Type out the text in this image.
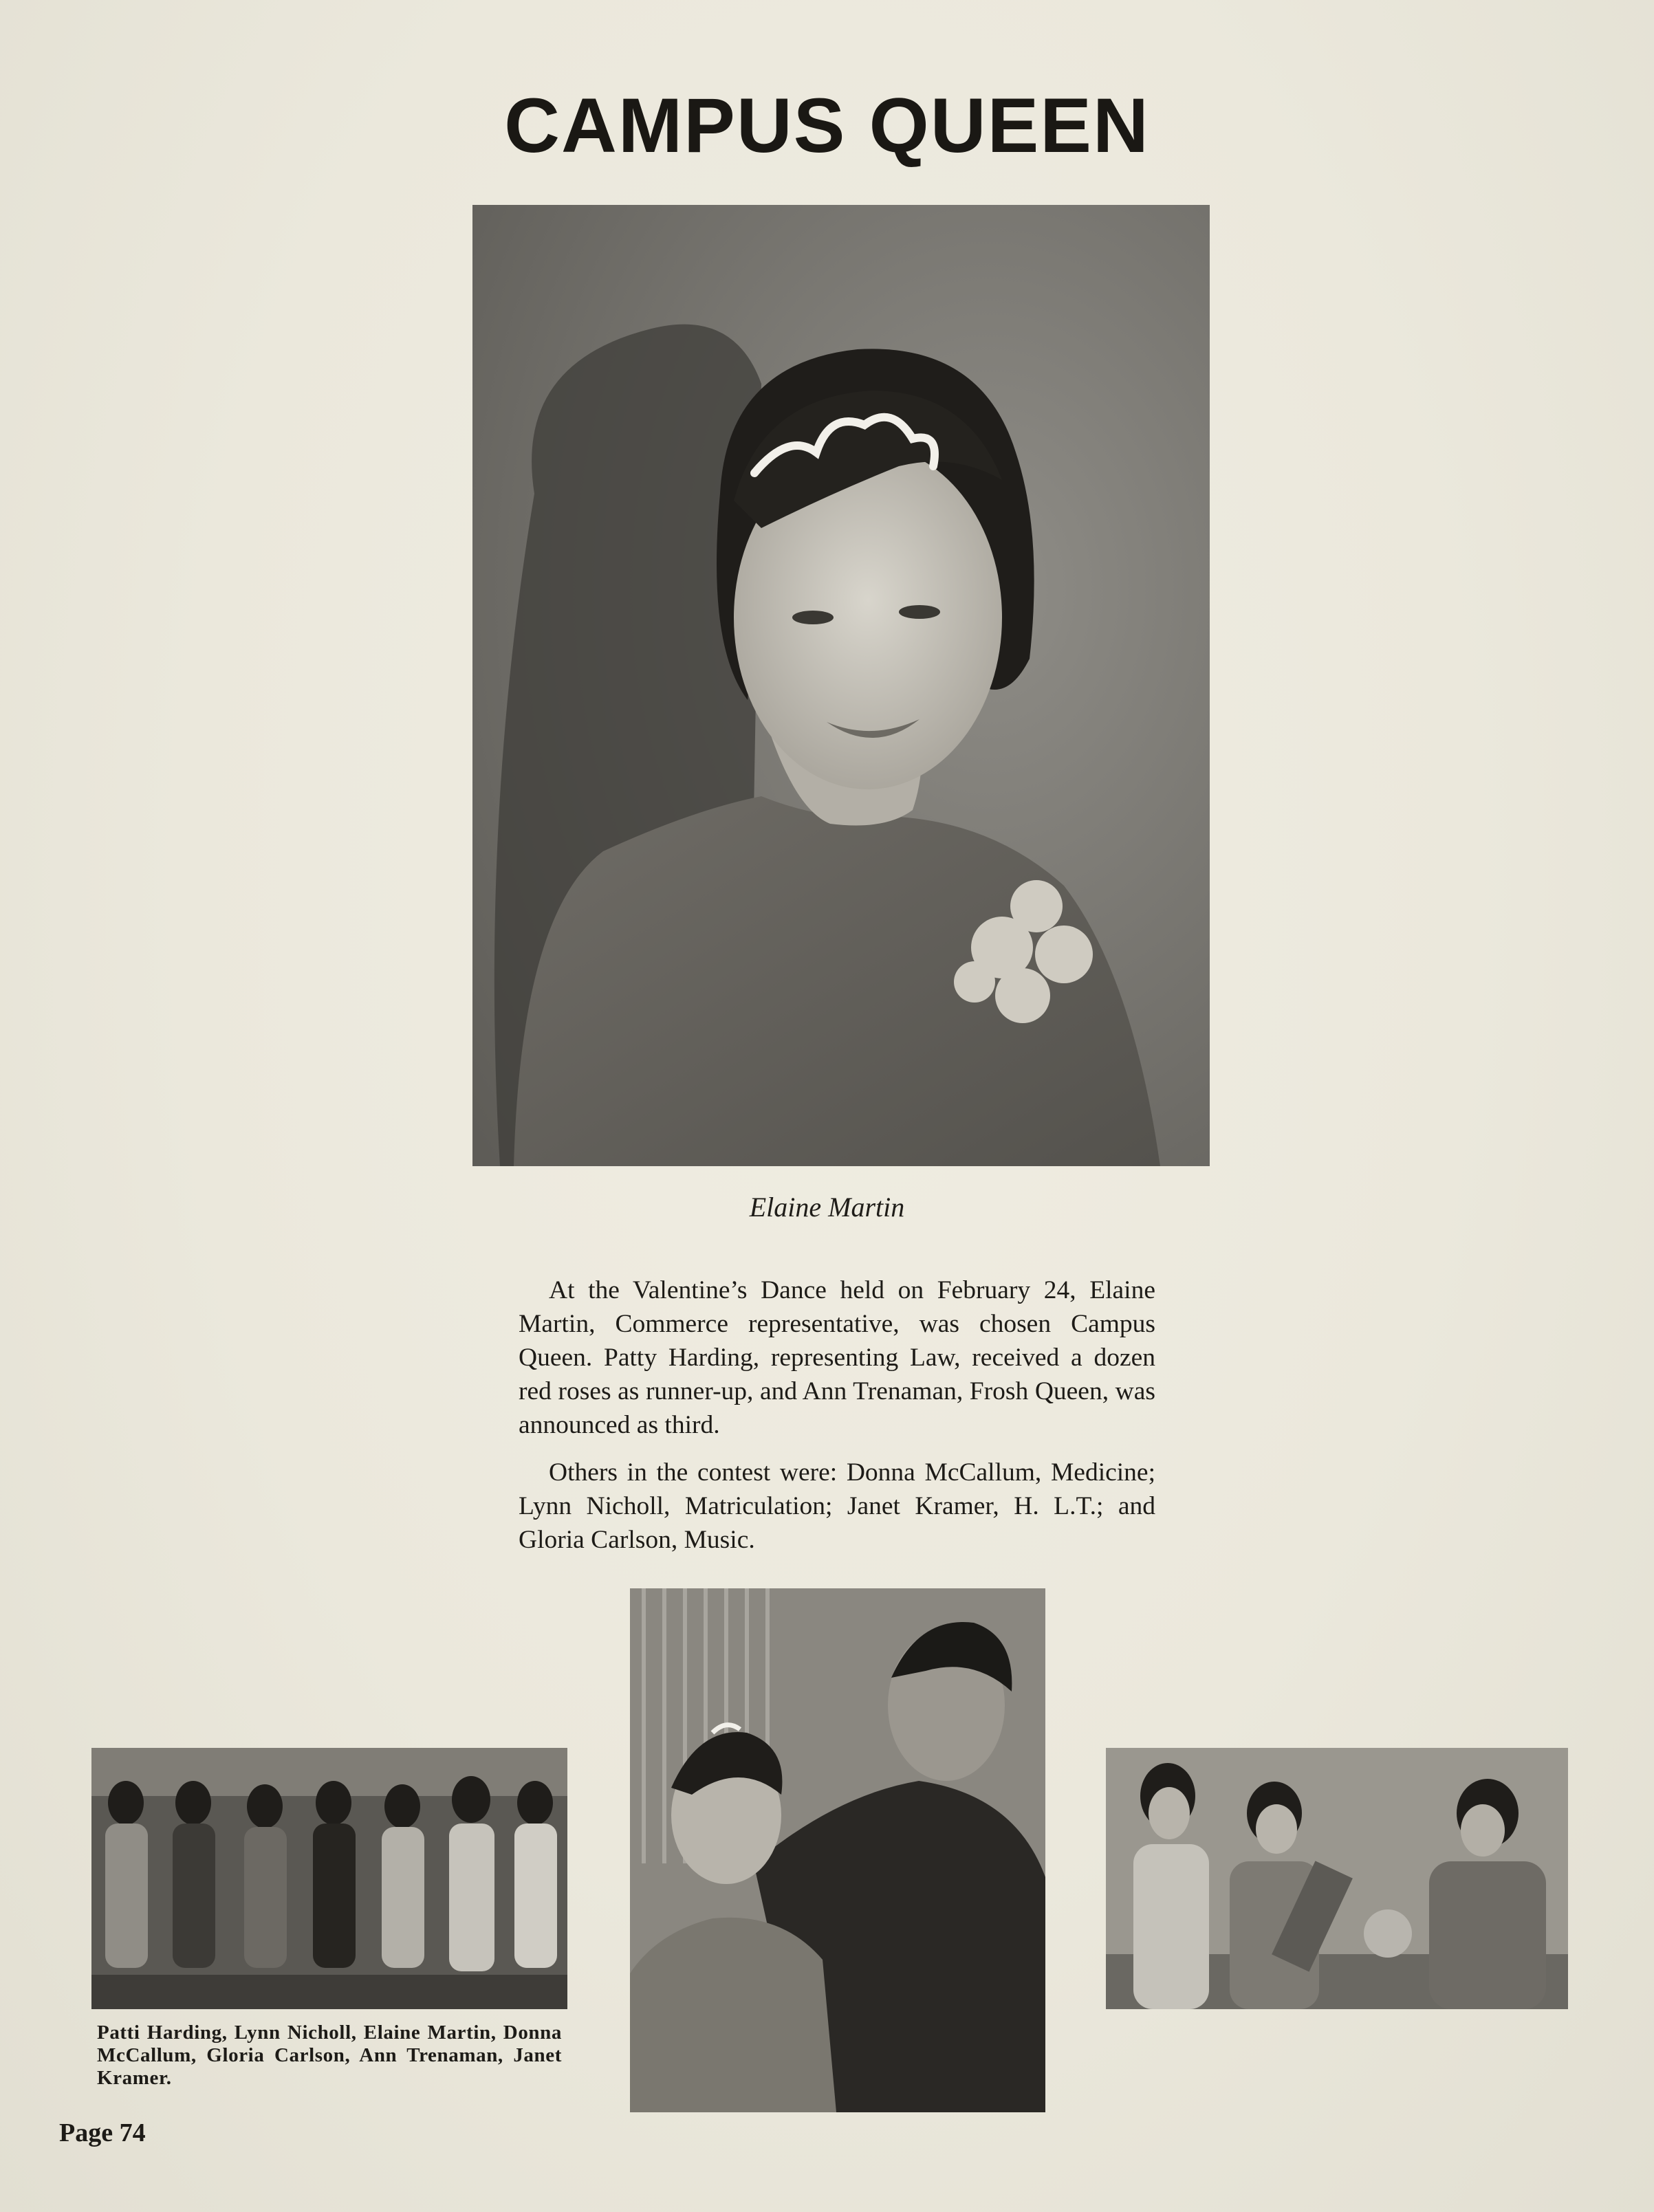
CAMPUS QUEEN
Elaine Martin

At the Valentine’s Dance held on February 24, Elaine Martin, Commerce representative, was chosen Campus Queen. Patty Harding, representing Law, received a dozen red roses as runner-up, and Ann Trenaman, Frosh Queen, was announced as third.

Others in the contest were: Donna McCallum, Medicine; Lynn Nicholl, Matriculation; Janet Kramer, H. L.T.; and Gloria Carlson, Music.

Patti Harding, Lynn Nicholl, Elaine Martin, Donna McCallum, Gloria Carlson, Ann Trenaman, Janet Kramer.
Page 74
